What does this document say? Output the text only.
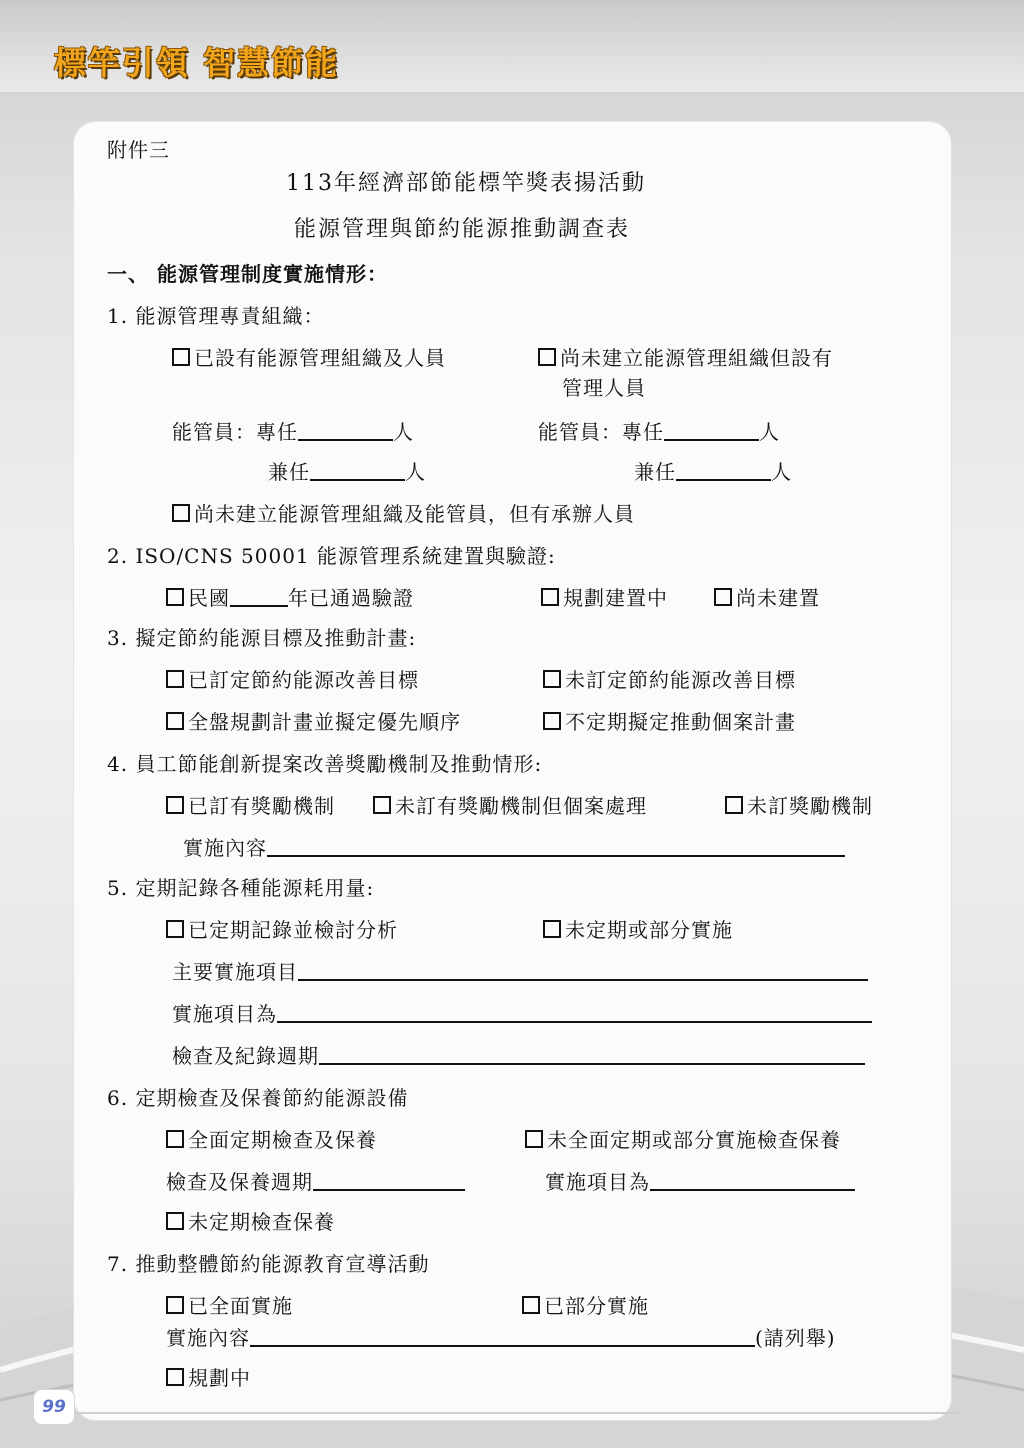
標竿引領 智慧節能
99
附件三
113年經濟部節能標竿獎表揚活動
能源管理與節約能源推動調查表
一、 能源管理制度實施情形：
1. 能源管理專責組織：
已設有能源管理組織及人員	尚未建立能源管理組織但設有
管理人員
能管員：專任	人	能管員：專任	人
兼任	人	兼任	人
尚未建立能源管理組織及能管員，但有承辦人員
2. ISO/CNS 50001 能源管理系統建置與驗證:
民國	年已通過驗證	規劃建置中	尚未建置
3. 擬定節約能源目標及推動計畫:
已訂定節約能源改善目標	未訂定節約能源改善目標
全盤規劃計畫並擬定優先順序	不定期擬定推動個案計畫
4. 員工節能創新提案改善獎勵機制及推動情形:
已訂有獎勵機制	未訂有獎勵機制但個案處理	未訂獎勵機制
實施內容
5. 定期記錄各種能源耗用量:
已定期記錄並檢討分析	未定期或部分實施
主要實施項目
實施項目為
檢查及紀錄週期
6. 定期檢查及保養節約能源設備
全面定期檢查及保養	未全面定期或部分實施檢查保養
檢查及保養週期	實施項目為
未定期檢查保養
7. 推動整體節約能源教育宣導活動
已全面實施	已部分實施
實施內容	(請列舉)
規劃中
